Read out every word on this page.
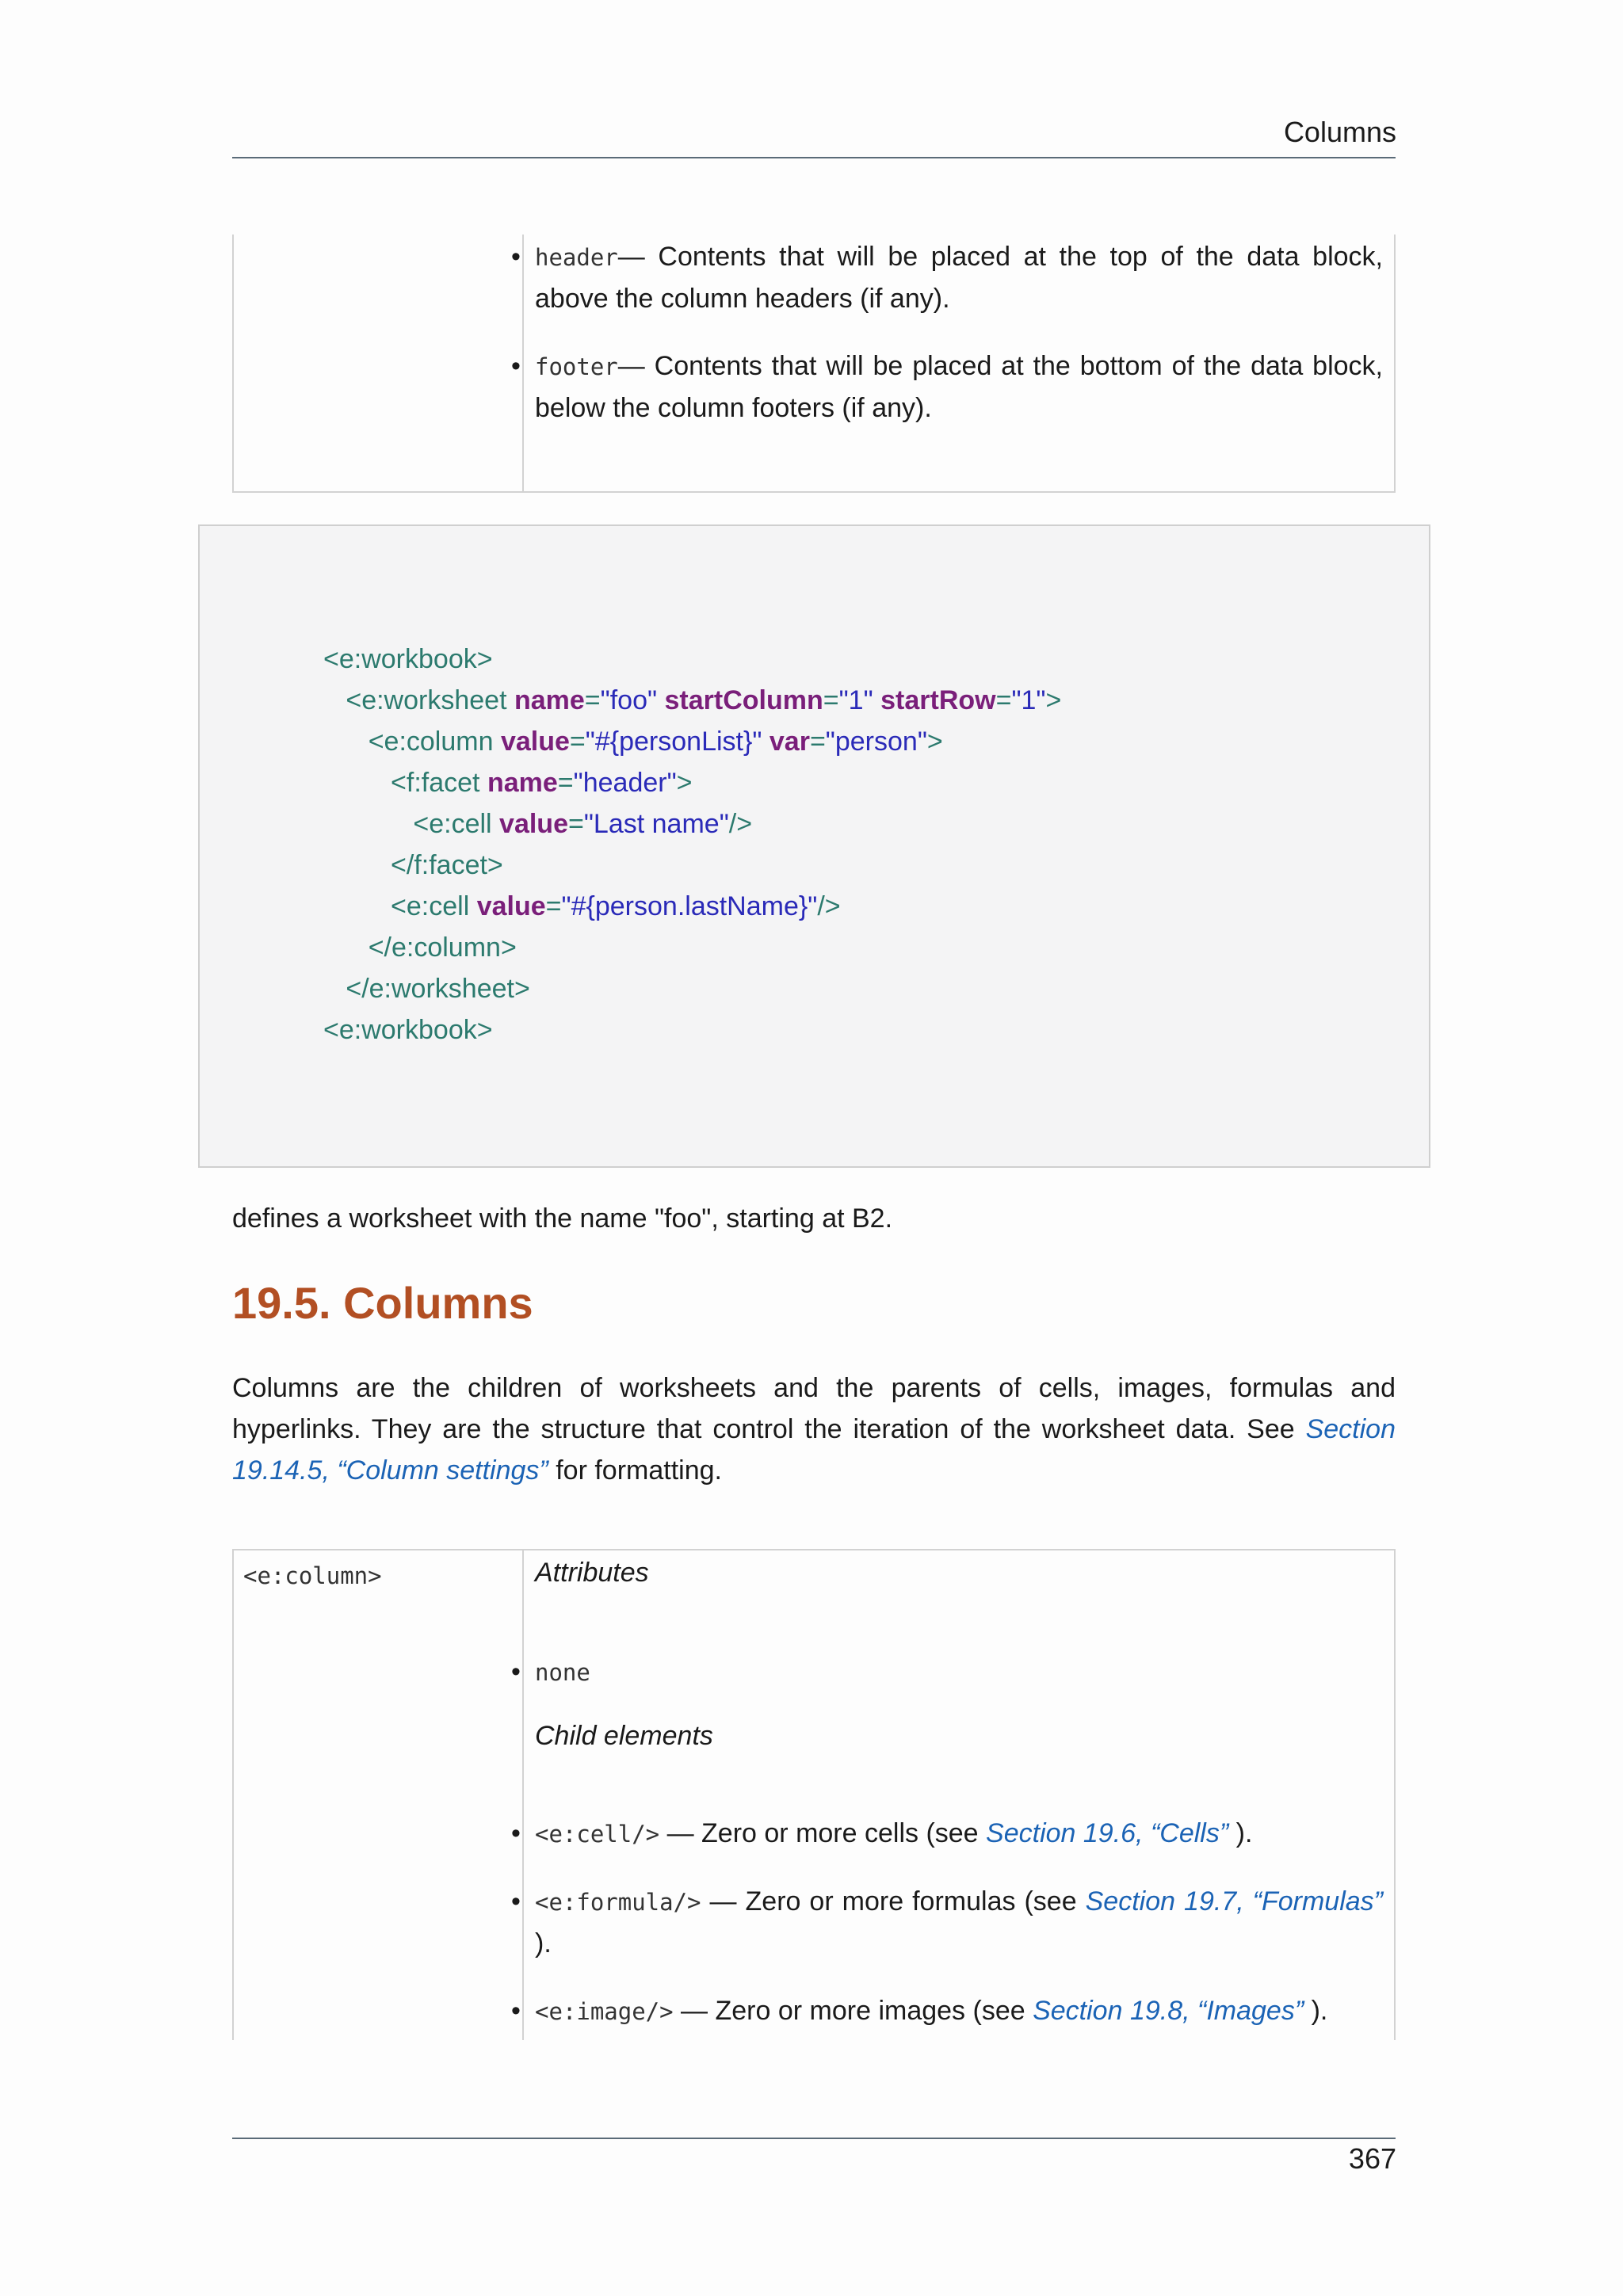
Columns
• header— Contents that will be placed at the top of the data block, above the column headers (if any).
• footer— Contents that will be placed at the bottom of the data block, below the column footers (if any).
<e:workbook>
<e:worksheet name="foo" startColumn="1" startRow="1">
<e:column value="#{personList}" var="person">
<f:facet name="header">
<e:cell value="Last name"/>
</f:facet>
<e:cell value="#{person.lastName}"/>
</e:column>
</e:worksheet>
<e:workbook>
defines a worksheet with the name "foo", starting at B2.
19.5. Columns
Columns are the children of worksheets and the parents of cells, images, formulas and hyperlinks. They are the structure that control the iteration of the worksheet data. See Section 19.14.5, “Column settings” for formatting.
<e:column>	Attributes
• none
Child elements
• <e:cell/> — Zero or more cells (see Section 19.6, “Cells” ).
• <e:formula/> — Zero or more formulas (see Section 19.7, “Formulas” ).
• <e:image/> — Zero or more images (see Section 19.8, “Images” ).
367
